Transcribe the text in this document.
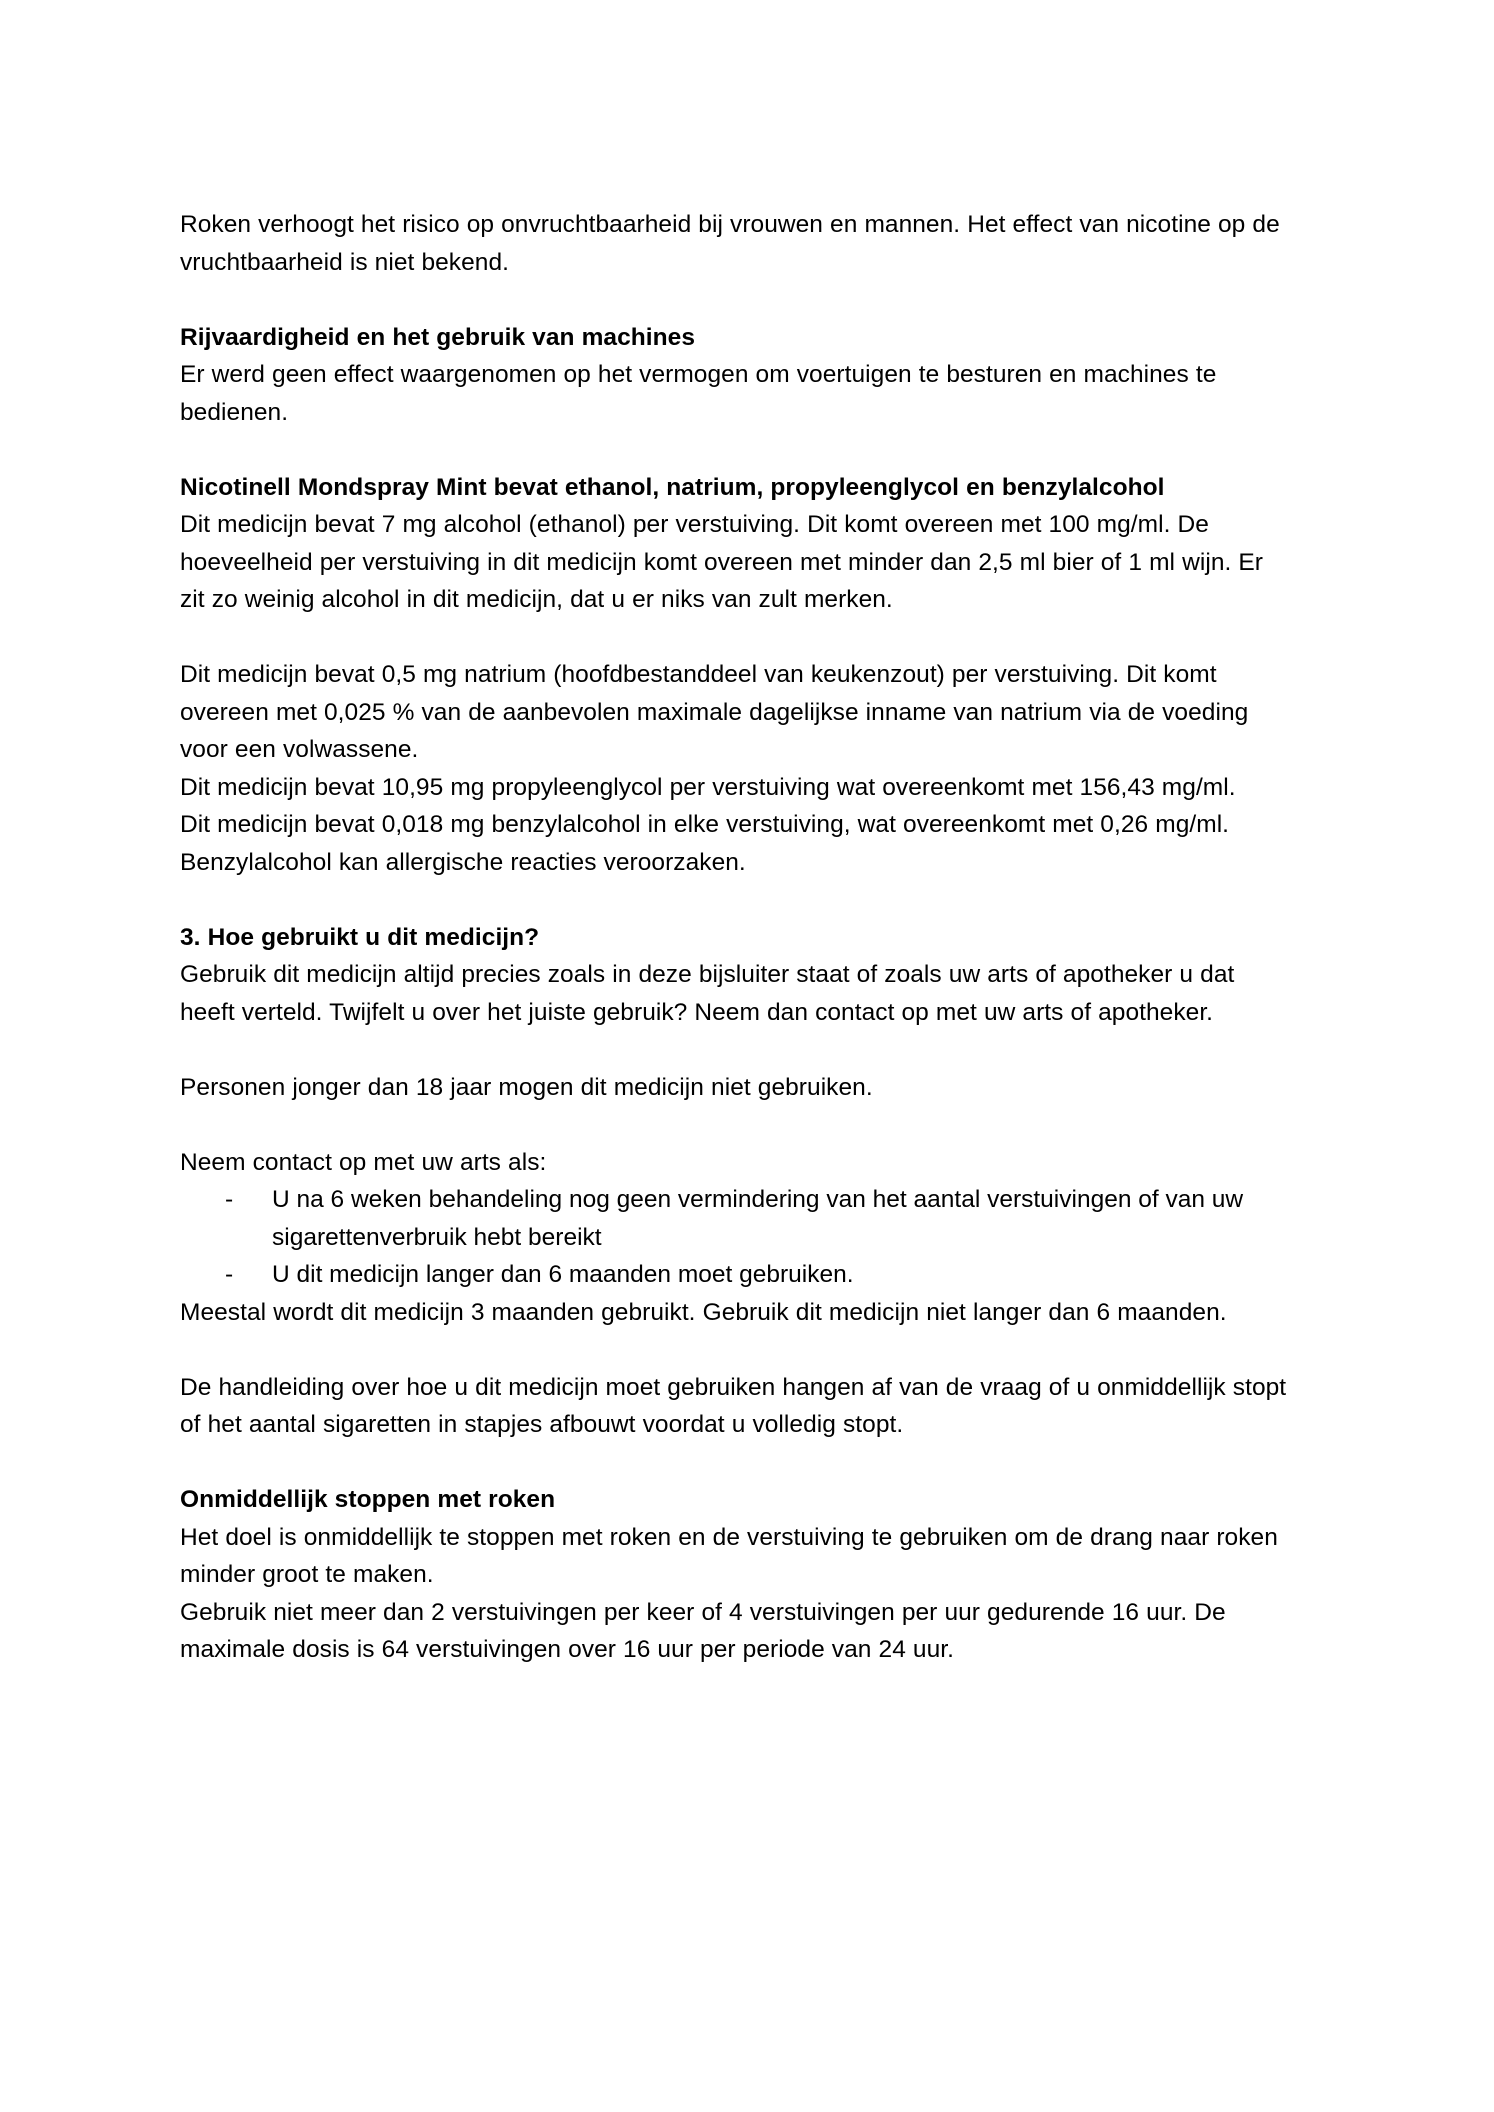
Roken verhoogt het risico op onvruchtbaarheid bij vrouwen en mannen. Het effect van nicotine op de vruchtbaarheid is niet bekend.

Rijvaardigheid en het gebruik van machines

Er werd geen effect waargenomen op het vermogen om voertuigen te besturen en machines te bedienen.

Nicotinell Mondspray Mint bevat ethanol, natrium, propyleenglycol en benzylalcohol

Dit medicijn bevat 7 mg alcohol (ethanol) per verstuiving. Dit komt overeen met 100 mg/ml. De hoeveelheid per verstuiving in dit medicijn komt overeen met minder dan 2,5 ml bier of 1 ml wijn. Er zit zo weinig alcohol in dit medicijn, dat u er niks van zult merken.

Dit medicijn bevat 0,5 mg natrium (hoofdbestanddeel van keukenzout) per verstuiving. Dit komt overeen met 0,025 % van de aanbevolen maximale dagelijkse inname van natrium via de voeding voor een volwassene.

Dit medicijn bevat 10,95 mg propyleenglycol per verstuiving wat overeenkomt met 156,43 mg/ml.

Dit medicijn bevat 0,018 mg benzylalcohol in elke verstuiving, wat overeenkomt met 0,26 mg/ml. Benzylalcohol kan allergische reacties veroorzaken.

3. Hoe gebruikt u dit medicijn?

Gebruik dit medicijn altijd precies zoals in deze bijsluiter staat of zoals uw arts of apotheker u dat heeft verteld. Twijfelt u over het juiste gebruik? Neem dan contact op met uw arts of apotheker.

Personen jonger dan 18 jaar mogen dit medicijn niet gebruiken.

Neem contact op met uw arts als:

- U na 6 weken behandeling nog geen vermindering van het aantal verstuivingen of van uw sigarettenverbruik hebt bereikt
- U dit medicijn langer dan 6 maanden moet gebruiken.

Meestal wordt dit medicijn 3 maanden gebruikt. Gebruik dit medicijn niet langer dan 6 maanden.

De handleiding over hoe u dit medicijn moet gebruiken hangen af van de vraag of u onmiddellijk stopt of het aantal sigaretten in stapjes afbouwt voordat u volledig stopt.

Onmiddellijk stoppen met roken

Het doel is onmiddellijk te stoppen met roken en de verstuiving te gebruiken om de drang naar roken minder groot te maken.

Gebruik niet meer dan 2 verstuivingen per keer of 4 verstuivingen per uur gedurende 16 uur. De maximale dosis is 64 verstuivingen over 16 uur per periode van 24 uur.
